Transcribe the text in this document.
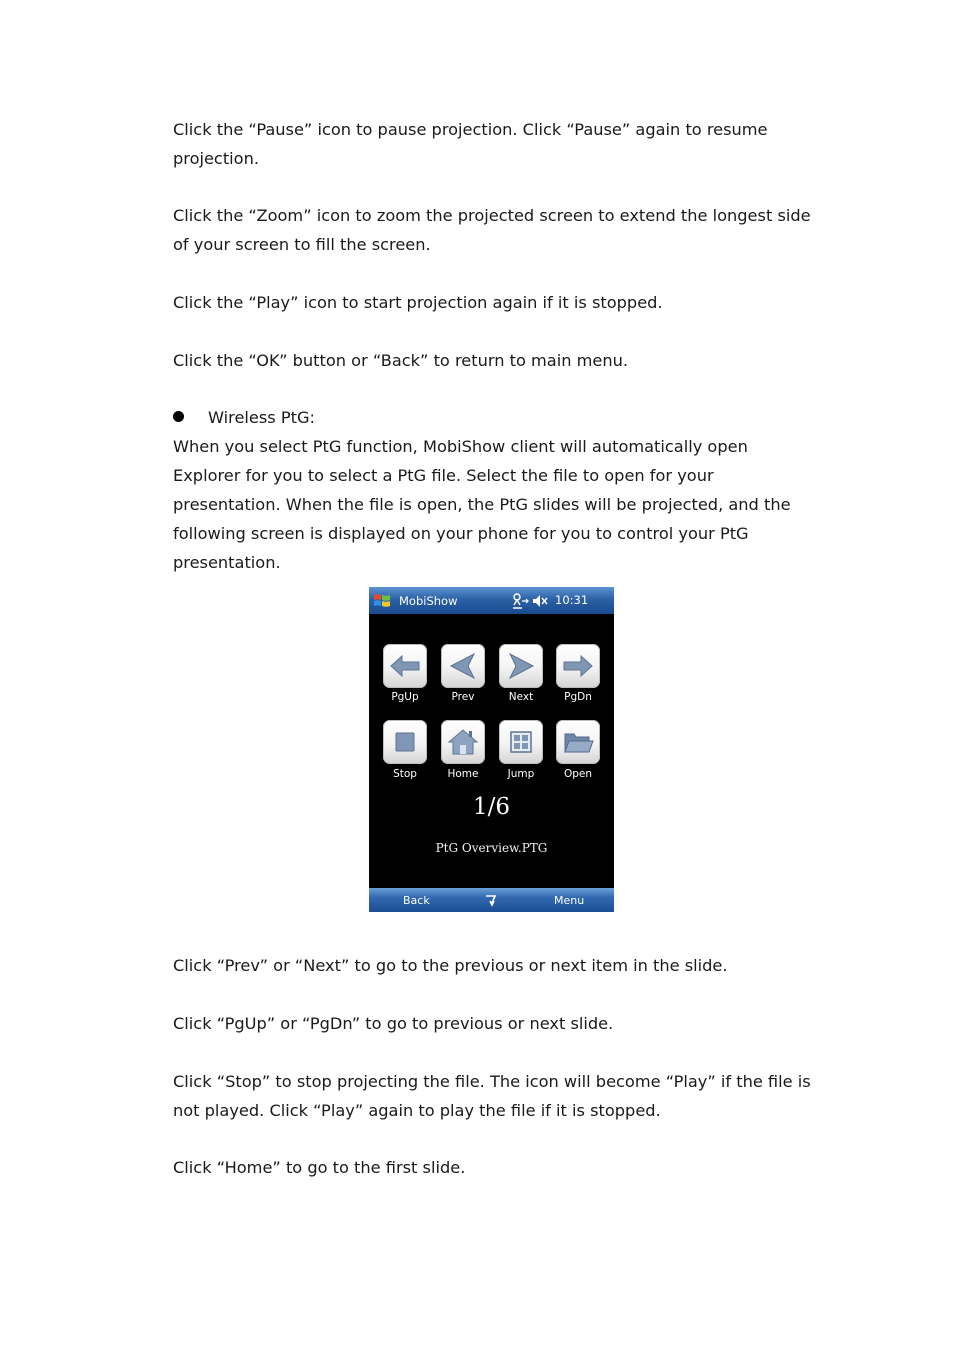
Click the “Pause” icon to pause projection. Click “Pause” again to resume projection.

Click the “Zoom” icon to zoom the projected screen to extend the longest side of your screen to fill the screen.

Click the “Play” icon to start projection again if it is stopped.

Click the “OK” button or “Back” to return to main menu.

Wireless PtG:

When you select PtG function, MobiShow client will automatically open Explorer for you to select a PtG file. Select the file to open for your presentation. When the file is open, the PtG slides will be projected, and the following screen is displayed on your phone for you to control your PtG presentation.

MobiShow	10:31
PgUp	Prev	Next	PgDn
Stop	Home	Jump	Open
1/6
PtG Overview.PTG
Back	Menu

Click “Prev” or “Next” to go to the previous or next item in the slide.

Click “PgUp” or “PgDn” to go to previous or next slide.

Click “Stop” to stop projecting the file. The icon will become “Play” if the file is not played. Click “Play” again to play the file if it is stopped.

Click “Home” to go to the first slide.
